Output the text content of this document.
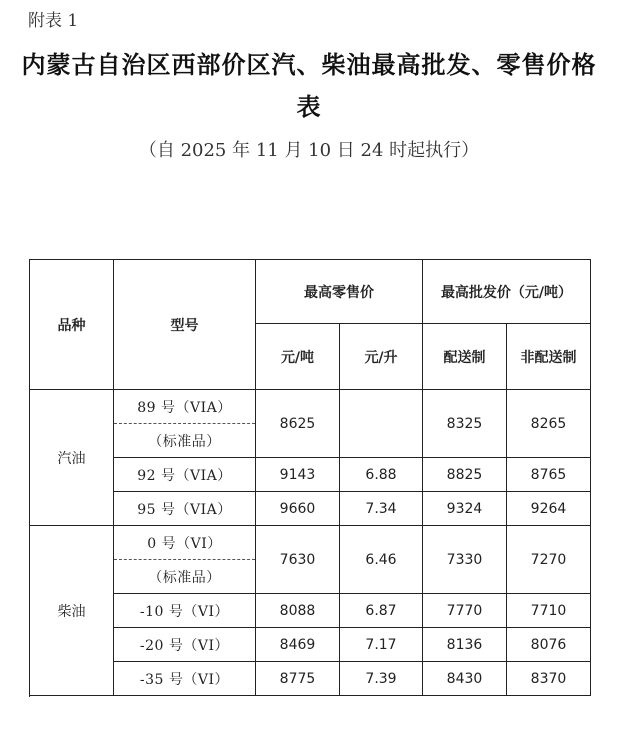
附表 1
内蒙古自治区西部价区汽、柴油最高批发、零售价格
表
（自 2025 年 11 月 10 日 24 时起执行）
品种	型号	最高零售价		最高批发价（元/吨）	
		元/吨	元/升	配送制	非配送制
汽油	89 号（VIA）	8625		8325	8265
	（标准品）				
	92 号（VIA）	9143	6.88	8825	8765
	95 号（VIA）	9660	7.34	9324	9264

柴油	0 号（VI）	7630	6.46	7330	7270
	（标准品）				
	-10 号（VI）	8088	6.87	7770	7710
	-20 号（VI）	8469	7.17	8136	8076
	-35 号（VI）	8775	7.39	8430	8370
